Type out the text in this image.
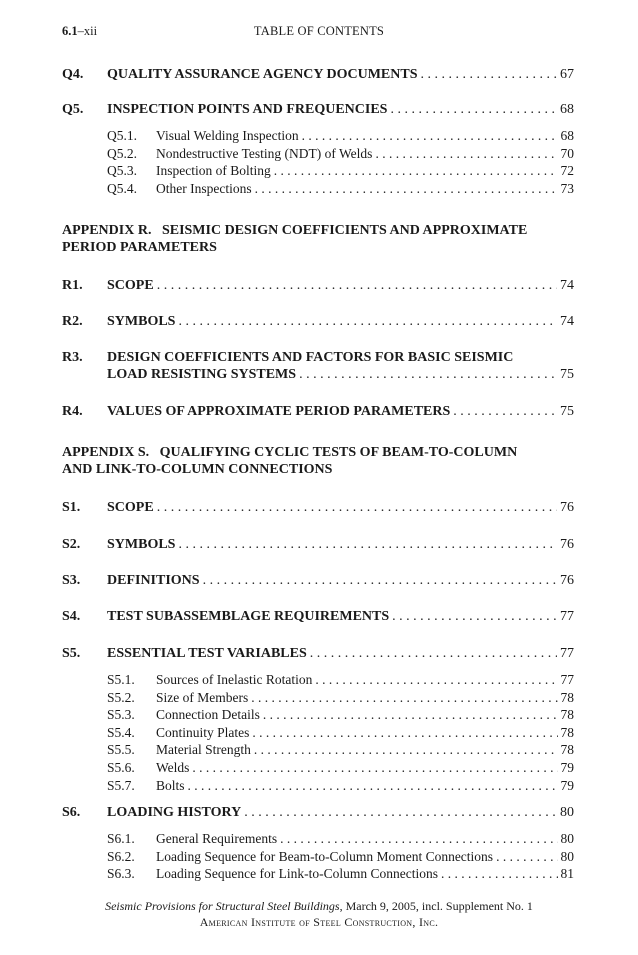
6.1–xii	TABLE OF CONTENTS
Q4. QUALITY ASSURANCE AGENCY DOCUMENTS . . .	67
Q5. INSPECTION POINTS AND FREQUENCIES . . .	68
Q5.1. Visual Welding Inspection . . .	68
Q5.2. Nondestructive Testing (NDT) of Welds . . .	70
Q5.3. Inspection of Bolting . . .	72
Q5.4. Other Inspections . . .	73
APPENDIX R.   SEISMIC DESIGN COEFFICIENTS AND APPROXIMATE
PERIOD PARAMETERS
R1. SCOPE . . .	74
R2. SYMBOLS . . .	74
R3. DESIGN COEFFICIENTS AND FACTORS FOR BASIC SEISMIC
LOAD RESISTING SYSTEMS . . .	75
R4. VALUES OF APPROXIMATE PERIOD PARAMETERS . . .	75
APPENDIX S.   QUALIFYING CYCLIC TESTS OF BEAM-TO-COLUMN
AND LINK-TO-COLUMN CONNECTIONS
S1. SCOPE . . .	76
S2. SYMBOLS . . .	76
S3. DEFINITIONS . . .	76
S4. TEST SUBASSEMBLAGE REQUIREMENTS . . .	77
S5. ESSENTIAL TEST VARIABLES . . .	77
S5.1. Sources of Inelastic Rotation . . .	77
S5.2. Size of Members . . .	78
S5.3. Connection Details . . .	78
S5.4. Continuity Plates . . .	78
S5.5. Material Strength . . .	78
S5.6. Welds . . .	79
S5.7. Bolts . . .	79
S6. LOADING HISTORY . . .	80
S6.1. General Requirements . . .	80
S6.2. Loading Sequence for Beam-to-Column Moment Connections . . .	80
S6.3. Loading Sequence for Link-to-Column Connections . . .	81
Seismic Provisions for Structural Steel Buildings, March 9, 2005, incl. Supplement No. 1
American Institute of Steel Construction, Inc.
